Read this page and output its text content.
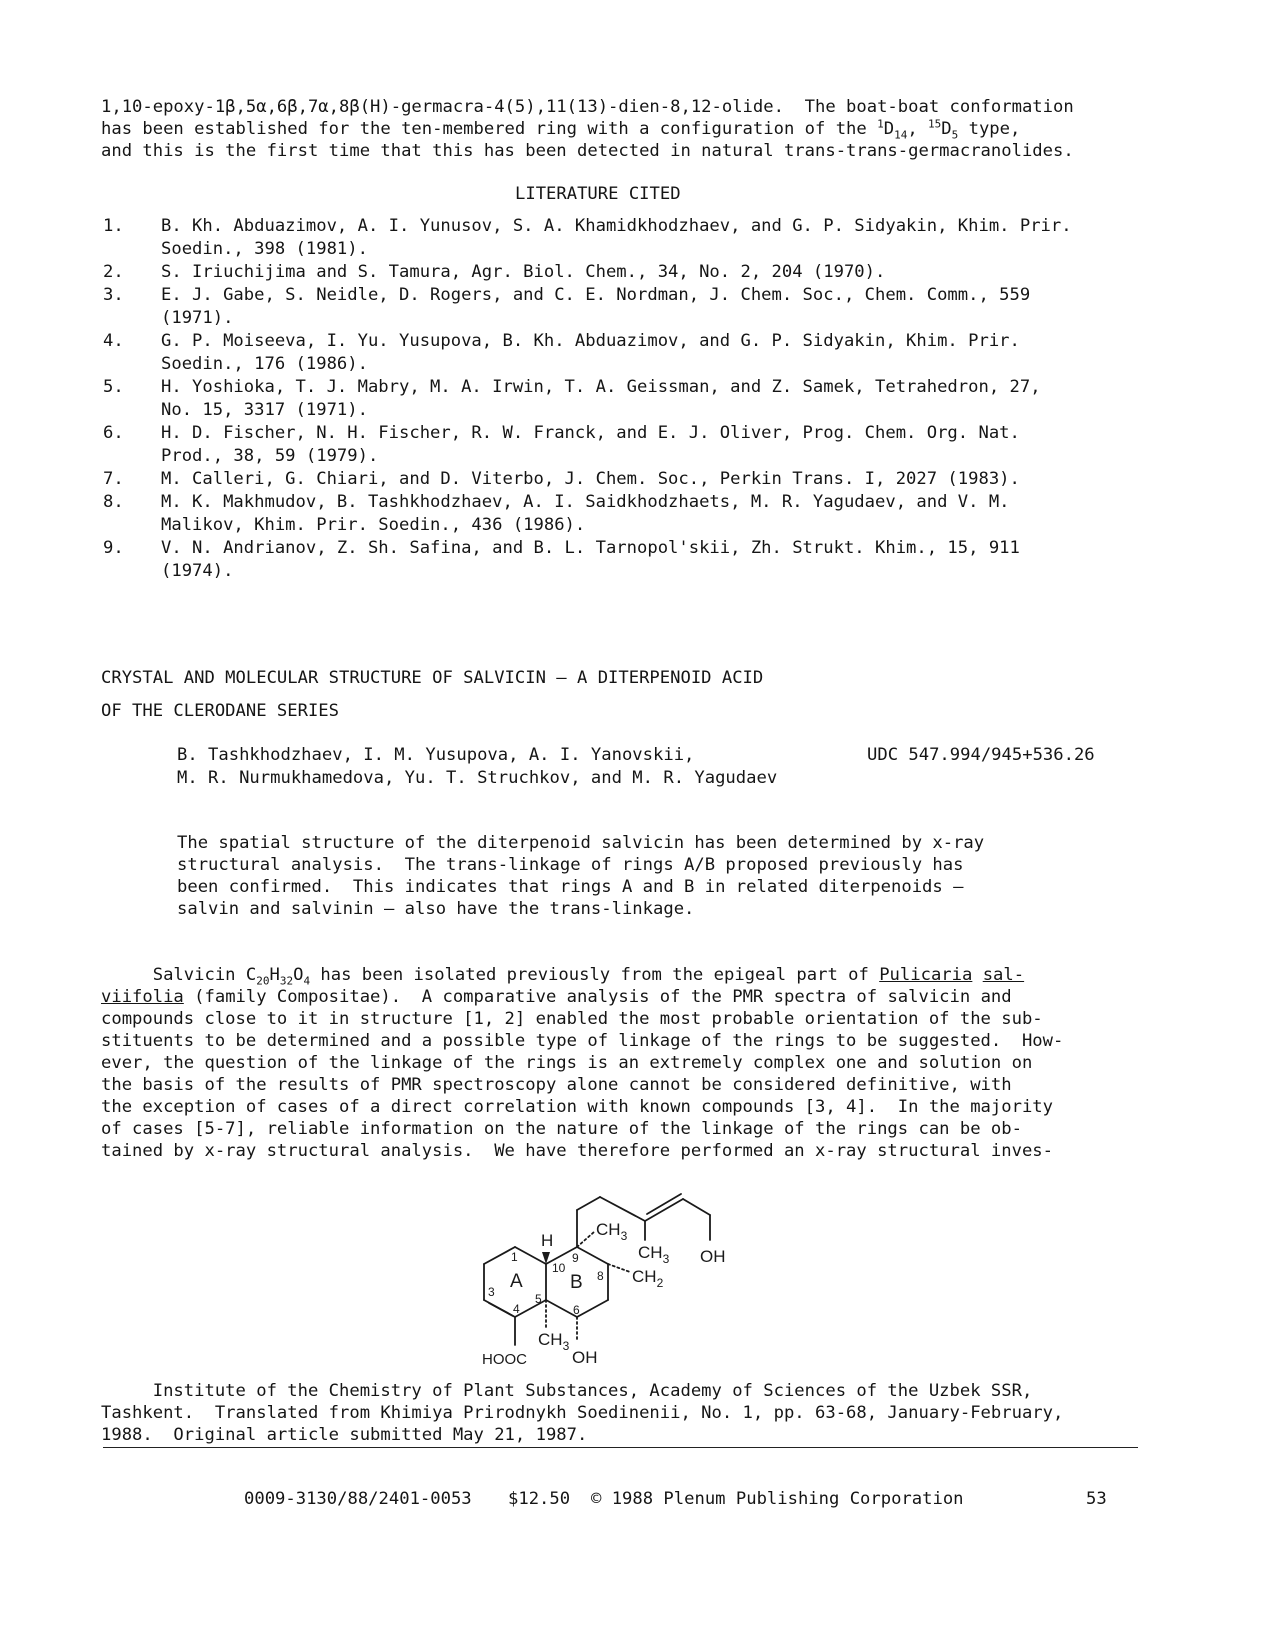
1,10-epoxy-1β,5α,6β,7α,8β(H)-germacra-4(5),11(13)-dien-8,12-olide.  The boat-boat conformation
has been established for the ten-membered ring with a configuration of the $^1D_{14}$, $^{15}D_5$ type,
and this is the first time that this has been detected in natural trans-trans-germacranolides.
LITERATURE CITED
1.	B. Kh. Abduazimov, A. I. Yunusov, S. A. Khamidkhodzhaev, and G. P. Sidyakin, Khim. Prir.
Soedin., 398 (1981).
2.	S. Iriuchijima and S. Tamura, Agr. Biol. Chem., 34, No. 2, 204 (1970).
3.	E. J. Gabe, S. Neidle, D. Rogers, and C. E. Nordman, J. Chem. Soc., Chem. Comm., 559
(1971).
4.	G. P. Moiseeva, I. Yu. Yusupova, B. Kh. Abduazimov, and G. P. Sidyakin, Khim. Prir.
Soedin., 176 (1986).
5.	H. Yoshioka, T. J. Mabry, M. A. Irwin, T. A. Geissman, and Z. Samek, Tetrahedron, 27,
No. 15, 3317 (1971).
6.	H. D. Fischer, N. H. Fischer, R. W. Franck, and E. J. Oliver, Prog. Chem. Org. Nat.
Prod., 38, 59 (1979).
7.	M. Calleri, G. Chiari, and D. Viterbo, J. Chem. Soc., Perkin Trans. I, 2027 (1983).
8.	M. K. Makhmudov, B. Tashkhodzhaev, A. I. Saidkhodzhaets, M. R. Yagudaev, and V. M.
Malikov, Khim. Prir. Soedin., 436 (1986).
9.	V. N. Andrianov, Z. Sh. Safina, and B. L. Tarnopol'skii, Zh. Strukt. Khim., 15, 911
(1974).
CRYSTAL AND MOLECULAR STRUCTURE OF SALVICIN — A DITERPENOID ACID
OF THE CLERODANE SERIES
B. Tashkhodzhaev, I. M. Yusupova, A. I. Yanovskii,
M. R. Nurmukhamedova, Yu. T. Struchkov, and M. R. Yagudaev
UDC 547.994/945+536.26
The spatial structure of the diterpenoid salvicin has been determined by x-ray
structural analysis.  The trans-linkage of rings A/B proposed previously has
been confirmed.  This indicates that rings A and B in related diterpenoids —
salvin and salvinin — also have the trans-linkage.
Salvicin $C_{20}H_{32}O_4$ has been isolated previously from the epigeal part of Pulicaria sal-
viifolia (family Compositae).  A comparative analysis of the PMR spectra of salvicin and
compounds close to it in structure [1, 2] enabled the most probable orientation of the sub-
stituents to be determined and a possible type of linkage of the rings to be suggested.  How-
ever, the question of the linkage of the rings is an extremely complex one and solution on
the basis of the results of PMR spectroscopy alone cannot be considered definitive, with
the exception of cases of a direct correlation with known compounds [3, 4].  In the majority
of cases [5-7], reliable information on the nature of the linkage of the rings can be ob-
tained by x-ray structural analysis.  We have therefore performed an x-ray structural inves-
H
A B
$CH_3$
$CH_3$
$CH_2$
OH
$CH_3$
OH
HOOC
1
3
4
5
6
8
9
10
Institute of the Chemistry of Plant Substances, Academy of Sciences of the Uzbek SSR,
Tashkent.  Translated from Khimiya Prirodnykh Soedinenii, No. 1, pp. 63-68, January-February,
1988.  Original article submitted May 21, 1987.
0009-3130/88/2401-0053 $12.50 © 1988 Plenum Publishing Corporation	53
